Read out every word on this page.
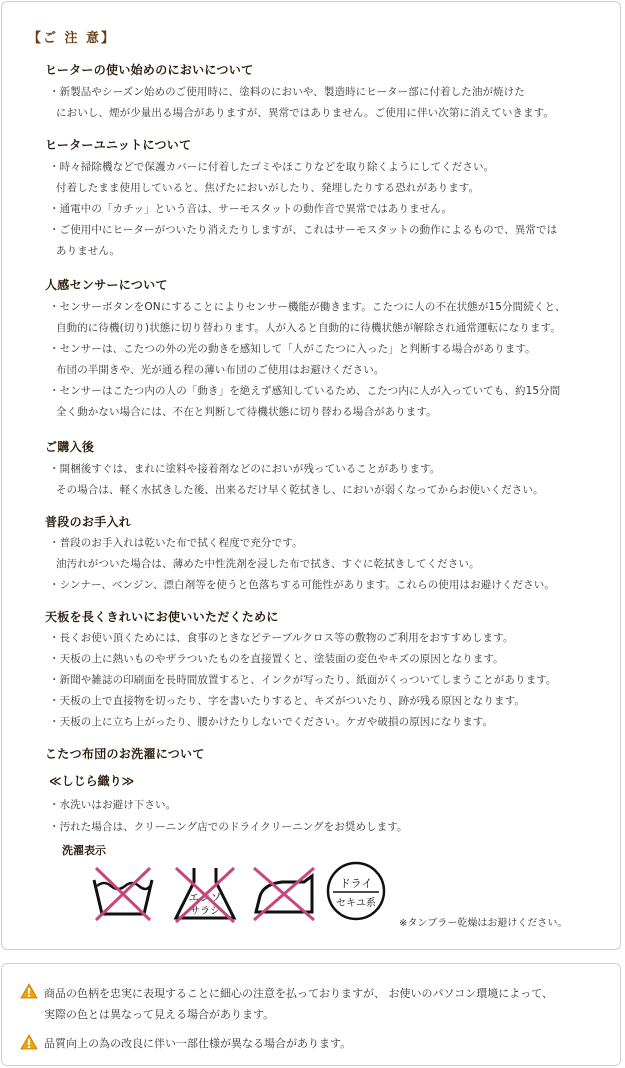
【ご 注 意】
ヒーターの使い始めのにおいについて
・新製品やシーズン始めのご使用時に、塗料のにおいや、製造時にヒーター部に付着した油が焼けた
においし、煙が少量出る場合がありますが、異常ではありません。ご使用に伴い次第に消えていきます。
ヒーターユニットについて
・時々掃除機などで保護カバーに付着したゴミやほこりなどを取り除くようにしてください。
付着したまま使用していると、焦げたにおいがしたり、発埋したりする恐れがあります。
・通電中の「カチッ」という音は、サーモスタットの動作音で異常ではありません。
・ご使用中にヒーターがついたり消えたりしますが、これはサーモスタットの動作によるもので、異常では
ありません。
人感センサーについて
・センサーボタンをONにすることによりセンサー機能が働きます。こたつに人の不在状態が15分間続くと、
自動的に待機(切り)状態に切り替わります。人が入ると自動的に待機状態が解除され通常運転になります。
・センサーは、こたつの外の光の動きを感知して「人がこたつに入った」と判断する場合があります。
布団の半開きや、光が通る程の薄い布団のご使用はお避けください。
・センサーはこたつ内の人の「動き」を絶えず感知しているため、こたつ内に人が入っていても、約15分間
全く動かない場合には、不在と判断して待機状態に切り替わる場合があります。
ご購入後
・開梱後すぐは、まれに塗料や接着剤などのにおいが残っていることがあります。
その場合は、軽く水拭きした後、出来るだけ早く乾拭きし、においが弱くなってからお使いください。
普段のお手入れ
・普段のお手入れは乾いた布で拭く程度で充分です。
油汚れがついた場合は、薄めた中性洗剤を浸した布で拭き、すぐに乾拭きしてください。
・シンナー、ベンジン、漂白剤等を使うと色落ちする可能性があります。これらの使用はお避けください。
天板を長くきれいにお使いいただくために
・長くお使い頂くためには、食事のときなどテーブルクロス等の敷物のご利用をおすすめします。
・天板の上に熱いものやザラついたものを直接置くと、塗装面の変色やキズの原因となります。
・新聞や雑誌の印刷面を長時間放置すると、インクが写ったり、紙面がくっついてしまうことがあります。
・天板の上で直接物を切ったり、字を書いたりすると、キズがついたり、跡が残る原因となります。
・天板の上に立ち上がったり、腰かけたりしないでください。ケガや破損の原因になります。
こたつ布団のお洗濯について
≪しじら織り≫
・水洗いはお避け下さい。
・汚れた場合は、クリーニング店でのドライクリーニングをお奨めします。
洗濯表示
エンソ
サラシ
ドライ
セキユ系
※タンブラー乾燥はお避けください。
商品の色柄を忠実に表現することに細心の注意を払っておりますが、 お使いのパソコン環境によって、
実際の色とは異なって見える場合があります。
品質向上の為の改良に伴い一部仕様が異なる場合があります。
